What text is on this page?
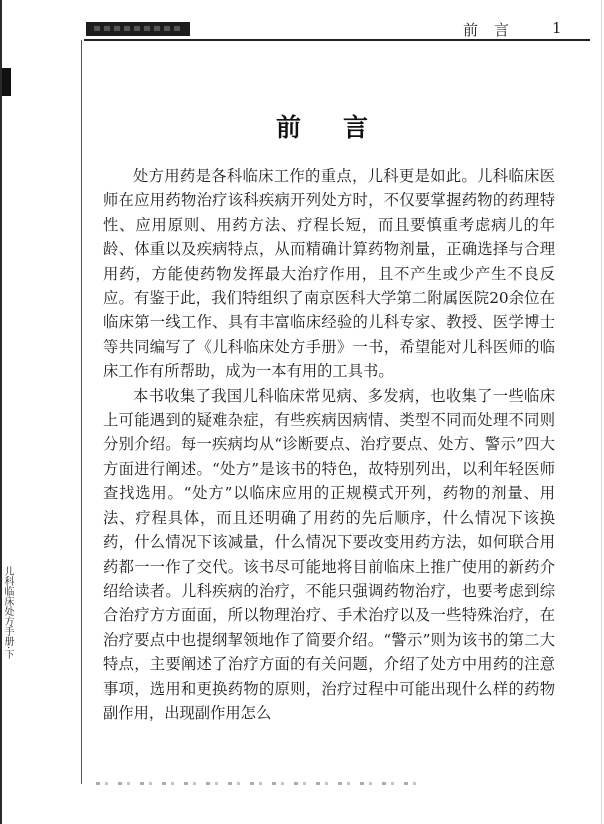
儿科临床处方手册·下
前言 1
前言

处方用药是各科临床工作的重点，儿科更是如此。儿科临床医师在应用药物治疗该科疾病开列处方时，不仅要掌握药物的药理特性、应用原则、用药方法、疗程长短，而且要慎重考虑病儿的年龄、体重以及疾病特点，从而精确计算药物剂量，正确选择与合理用药，方能使药物发挥最大治疗作用，且不产生或少产生不良反应。有鉴于此，我们特组织了南京医科大学第二附属医院20余位在临床第一线工作、具有丰富临床经验的儿科专家、教授、医学博士等共同编写了《儿科临床处方手册》一书，希望能对儿科医师的临床工作有所帮助，成为一本有用的工具书。

本书收集了我国儿科临床常见病、多发病，也收集了一些临床上可能遇到的疑难杂症，有些疾病因病情、类型不同而处理不同则分别介绍。每一疾病均从“诊断要点、治疗要点、处方、警示”四大方面进行阐述。“处方”是该书的特色，故特别列出，以利年轻医师查找选用。“处方”以临床应用的正规模式开列，药物的剂量、用法、疗程具体，而且还明确了用药的先后顺序，什么情况下该换药，什么情况下该减量，什么情况下要改变用药方法，如何联合用药都一一作了交代。该书尽可能地将目前临床上推广使用的新药介绍给读者。儿科疾病的治疗，不能只强调药物治疗，也要考虑到综合治疗方方面面，所以物理治疗、手术治疗以及一些特殊治疗，在治疗要点中也提纲挈领地作了简要介绍。“警示”则为该书的第二大特点，主要阐述了治疗方面的有关问题，介绍了处方中用药的注意事项，选用和更换药物的原则，治疗过程中可能出现什么样的药物副作用，出现副作用怎么
